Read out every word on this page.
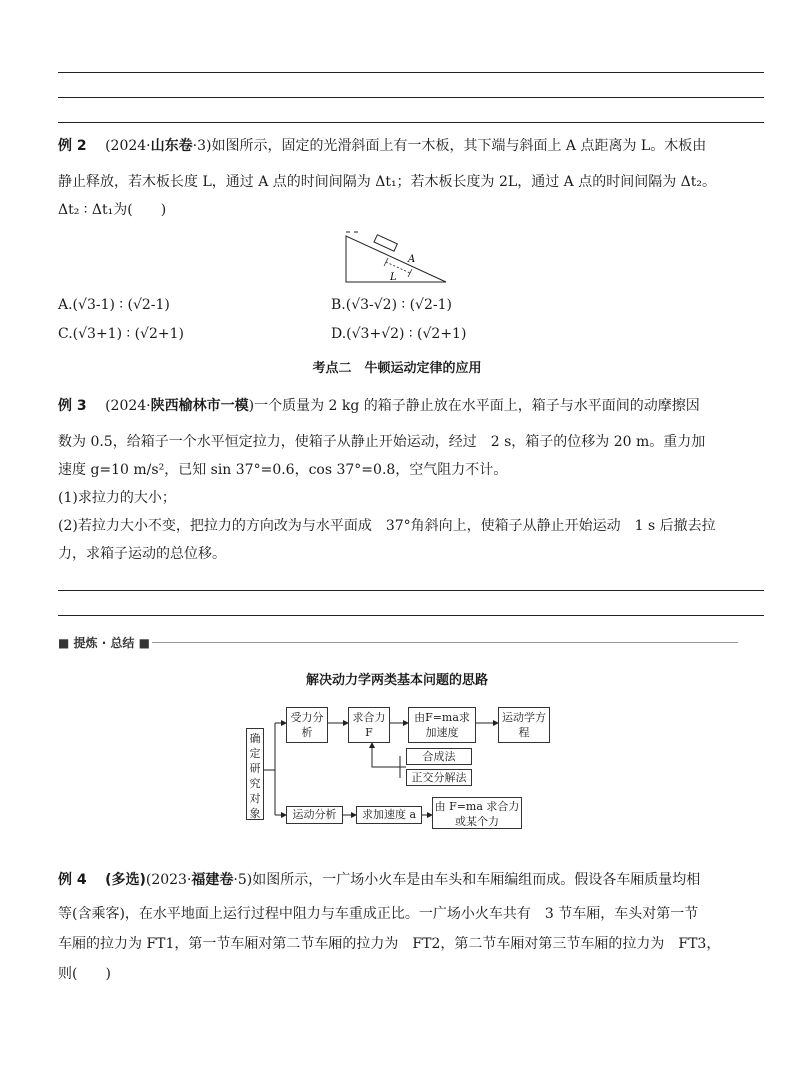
例 2　 (2024·山东卷·3)如图所示，固定的光滑斜面上有一木板，其下端与斜面上 A 点距离为 L。木板由
静止释放，若木板长度 L，通过 A 点的时间间隔为 Δt₁；若木板长度为 2L，通过 A 点的时间间隔为 Δt₂。
Δt₂ ∶ Δt₁为(　　)
A
L
A.(√3-1) ∶ (√2-1)	B.(√3-√2) ∶ (√2-1)
C.(√3+1) ∶ (√2+1)	D.(√3+√2) ∶ (√2+1)
考点二　牛顿运动定律的应用
例 3　 (2024·陕西榆林市一模)一个质量为 2 kg 的箱子静止放在水平面上，箱子与水平面间的动摩擦因
数为 0.5，给箱子一个水平恒定拉力，使箱子从静止开始运动，经过　2 s，箱子的位移为 20 m。重力加
速度 g=10 m/s²，已知 sin 37°=0.6，cos 37°=0.8，空气阻力不计。
(1)求拉力的大小；
(2)若拉力大小不变，把拉力的方向改为与水平面成　37°角斜向上，使箱子从静止开始运动　1 s 后撤去拉
力，求箱子运动的总位移。
■ 提炼 · 总结 ■
解决动力学两类基本问题的思路
确定研究对象
受力分析
求合力 F
由F=ma求加速度
运动学方程
合成法
正交分解法
运动分析	求加速度 a
由 F=ma 求合力或某个力
例 4　 (多选)(2023·福建卷·5)如图所示，一广场小火车是由车头和车厢编组而成。假设各车厢质量均相
等(含乘客)，在水平地面上运行过程中阻力与车重成正比。一广场小火车共有　3 节车厢，车头对第一节
车厢的拉力为 FT1，第一节车厢对第二节车厢的拉力为　FT2，第二节车厢对第三节车厢的拉力为　FT3，
则(　　)
